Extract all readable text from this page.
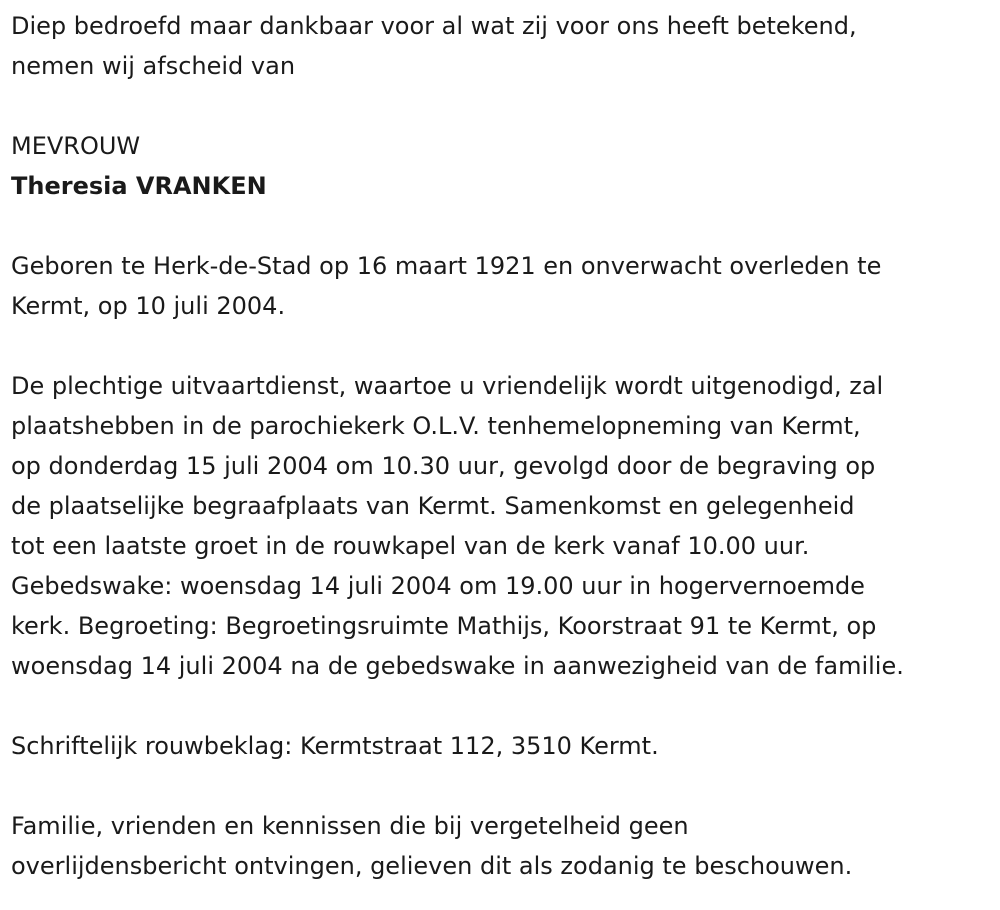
Diep bedroefd maar dankbaar voor al wat zij voor ons heeft betekend,
nemen wij afscheid van

MEVROUW

Theresia VRANKEN

Geboren te Herk-de-Stad op 16 maart 1921 en onverwacht overleden te
Kermt, op 10 juli 2004.

De plechtige uitvaartdienst, waartoe u vriendelijk wordt uitgenodigd, zal
plaatshebben in de parochiekerk O.L.V. tenhemelopneming van Kermt,
op donderdag 15 juli 2004 om 10.30 uur, gevolgd door de begraving op
de plaatselijke begraafplaats van Kermt. Samenkomst en gelegenheid
tot een laatste groet in de rouwkapel van de kerk vanaf 10.00 uur.
Gebedswake: woensdag 14 juli 2004 om 19.00 uur in hogervernoemde
kerk. Begroeting: Begroetingsruimte Mathijs, Koorstraat 91 te Kermt, op
woensdag 14 juli 2004 na de gebedswake in aanwezigheid van de familie.

Schriftelijk rouwbeklag: Kermtstraat 112, 3510 Kermt.

Familie, vrienden en kennissen die bij vergetelheid geen
overlijdensbericht ontvingen, gelieven dit als zodanig te beschouwen.
